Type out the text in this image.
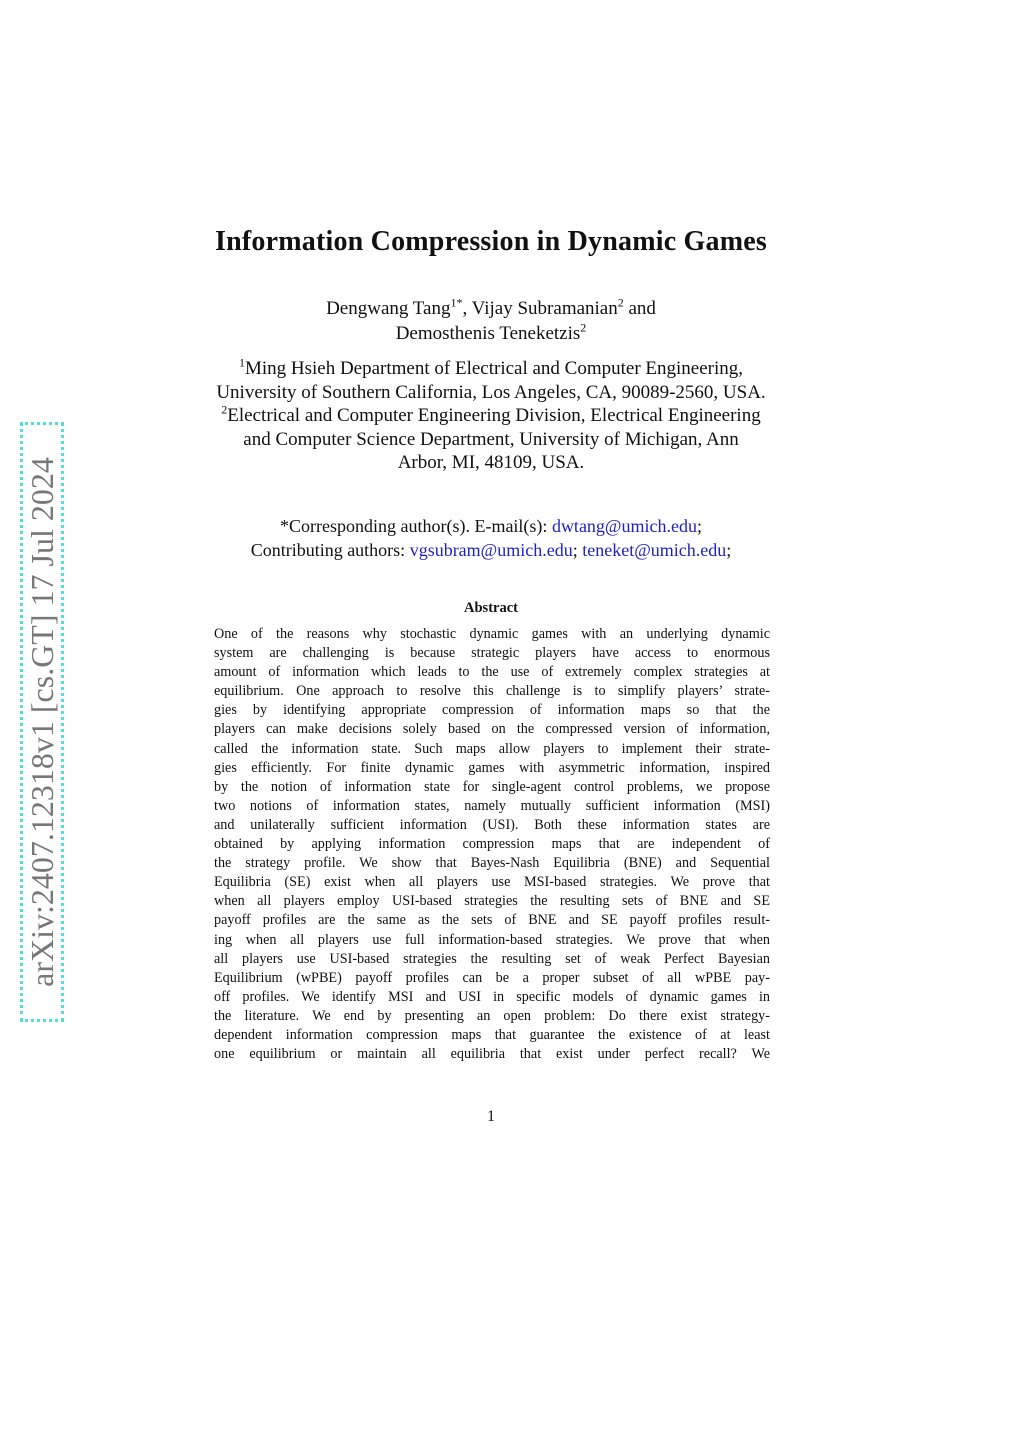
arXiv:2407.12318v1 [cs.GT] 17 Jul 2024
Information Compression in Dynamic Games
Dengwang Tang$^{1*}$, Vijay Subramanian$^2$ and
Demosthenis Teneketzis$^2$
$^1$Ming Hsieh Department of Electrical and Computer Engineering,
University of Southern California, Los Angeles, CA, 90089-2560, USA.
$^2$Electrical and Computer Engineering Division, Electrical Engineering
and Computer Science Department, University of Michigan, Ann
Arbor, MI, 48109, USA.
*Corresponding author(s). E-mail(s): dwtang@umich.edu;
Contributing authors: vgsubram@umich.edu; teneket@umich.edu;
Abstract
One of the reasons why stochastic dynamic games with an underlying dynamic
system are challenging is because strategic players have access to enormous
amount of information which leads to the use of extremely complex strategies at
equilibrium. One approach to resolve this challenge is to simplify players’ strate-
gies by identifying appropriate compression of information maps so that the
players can make decisions solely based on the compressed version of information,
called the information state. Such maps allow players to implement their strate-
gies efficiently. For finite dynamic games with asymmetric information, inspired
by the notion of information state for single-agent control problems, we propose
two notions of information states, namely mutually sufficient information (MSI)
and unilaterally sufficient information (USI). Both these information states are
obtained by applying information compression maps that are independent of
the strategy profile. We show that Bayes-Nash Equilibria (BNE) and Sequential
Equilibria (SE) exist when all players use MSI-based strategies. We prove that
when all players employ USI-based strategies the resulting sets of BNE and SE
payoff profiles are the same as the sets of BNE and SE payoff profiles result-
ing when all players use full information-based strategies. We prove that when
all players use USI-based strategies the resulting set of weak Perfect Bayesian
Equilibrium (wPBE) payoff profiles can be a proper subset of all wPBE pay-
off profiles. We identify MSI and USI in specific models of dynamic games in
the literature. We end by presenting an open problem: Do there exist strategy-
dependent information compression maps that guarantee the existence of at least
one equilibrium or maintain all equilibria that exist under perfect recall? We
1
